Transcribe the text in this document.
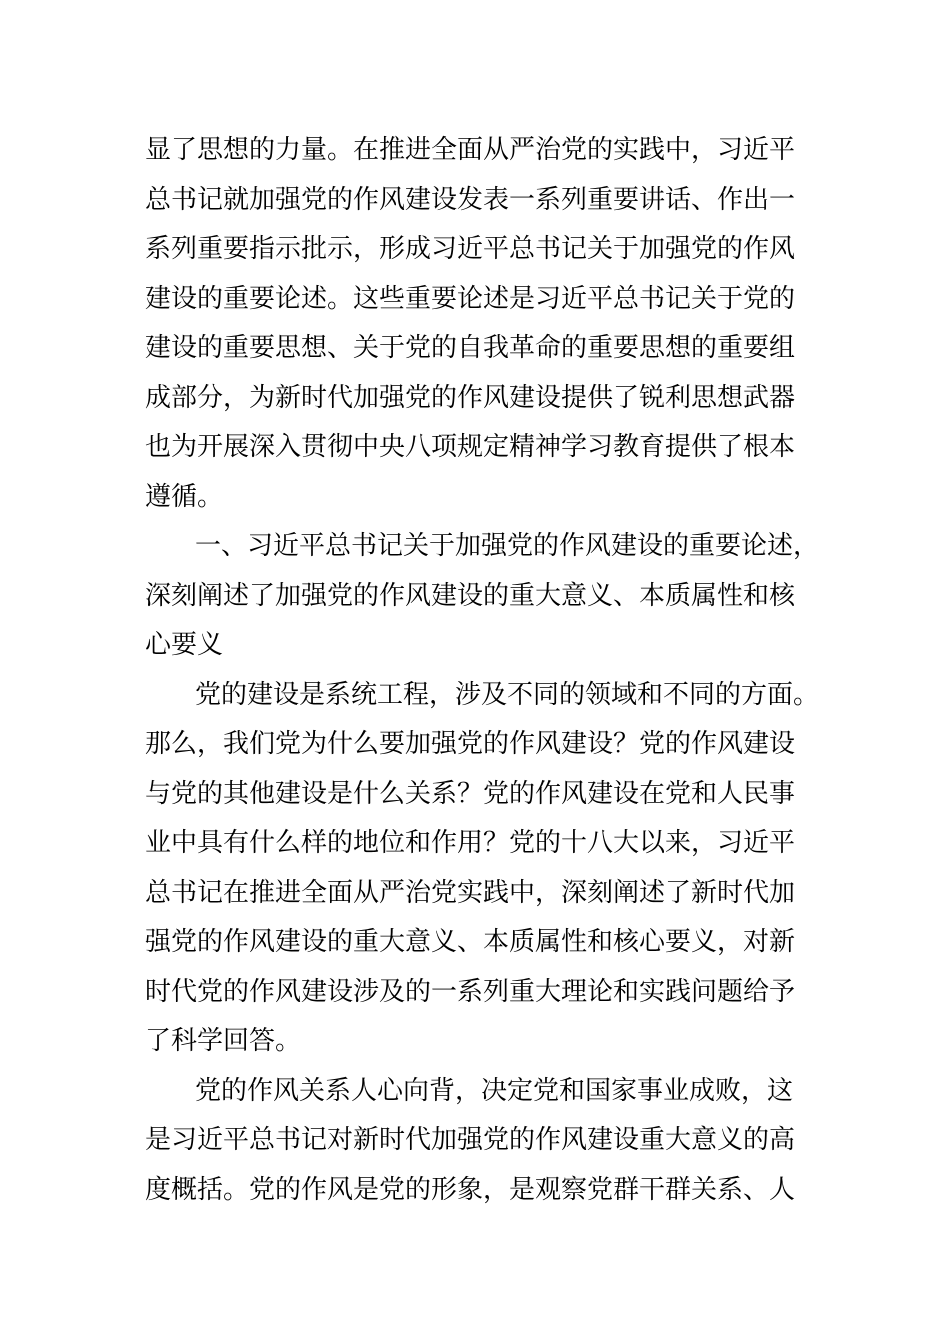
显了思想的力量。在推进全面从严治党的实践中，习近平
总书记就加强党的作风建设发表一系列重要讲话、作出一
系列重要指示批示，形成习近平总书记关于加强党的作风
建设的重要论述。这些重要论述是习近平总书记关于党的
建设的重要思想、关于党的自我革命的重要思想的重要组
成部分，为新时代加强党的作风建设提供了锐利思想武器
也为开展深入贯彻中央八项规定精神学习教育提供了根本
遵循。
一、习近平总书记关于加强党的作风建设的重要论述，
深刻阐述了加强党的作风建设的重大意义、本质属性和核
心要义
党的建设是系统工程，涉及不同的领域和不同的方面。
那么，我们党为什么要加强党的作风建设？党的作风建设
与党的其他建设是什么关系？党的作风建设在党和人民事
业中具有什么样的地位和作用？党的十八大以来，习近平
总书记在推进全面从严治党实践中，深刻阐述了新时代加
强党的作风建设的重大意义、本质属性和核心要义，对新
时代党的作风建设涉及的一系列重大理论和实践问题给予
了科学回答。
党的作风关系人心向背，决定党和国家事业成败，这
是习近平总书记对新时代加强党的作风建设重大意义的高
度概括。党的作风是党的形象，是观察党群干群关系、人
